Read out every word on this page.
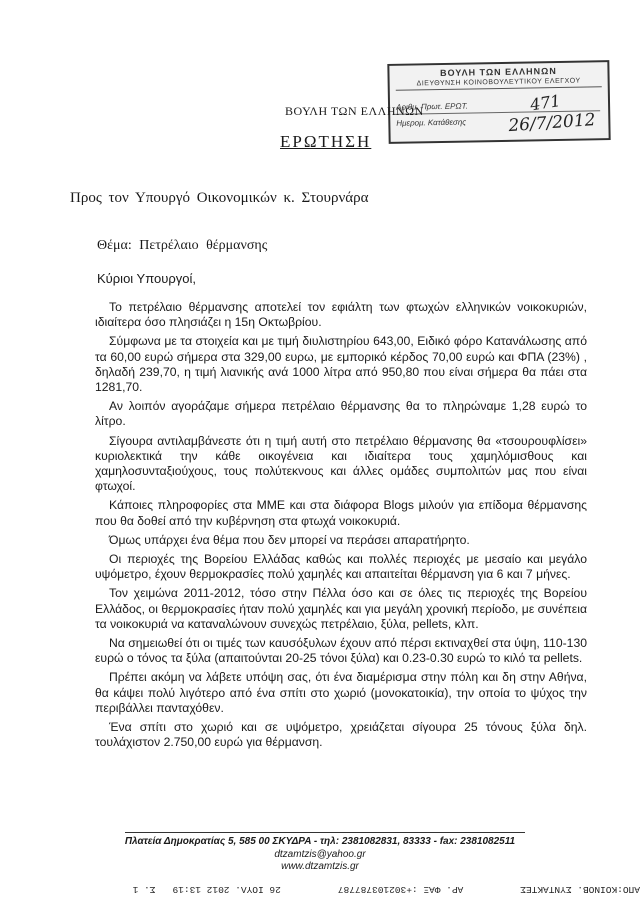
ΒΟΥΛΗ ΤΩΝ ΕΛΛΗΝΩΝ
ΔΙΕΥΘΥΝΣΗ ΚΟΙΝΟΒΟΥΛΕΥΤΙΚΟΥ ΕΛΕΓΧΟΥ
Αριθμ. Πρωτ. ΕΡΩΤ.	471
Ημερομ. Κατάθεσης 26/7/2012
ΒΟΥΛΗ ΤΩΝ ΕΛΛΗΝΩΝ
ΕΡΩΤΗΣΗ
Προς τον Υπουργό Οικονομικών κ. Στουρνάρα
Θέμα: Πετρέλαιο θέρμανσης
Κύριοι Υπουργοί,

Το πετρέλαιο θέρμανσης αποτελεί τον εφιάλτη των φτωχών ελληνικών νοικοκυριών, ιδιαίτερα όσο πλησιάζει η 15η Οκτωβρίου.

Σύμφωνα με τα στοιχεία και με τιμή διυλιστηρίου 643,00, Ειδικό φόρο Κατανάλωσης από τα 60,00 ευρώ σήμερα στα 329,00 ευρω, με εμπορικό κέρδος 70,00 ευρώ και ΦΠΑ (23%) , δηλαδή 239,70, η τιμή λιανικής ανά 1000 λίτρα από 950,80 που είναι σήμερα θα πάει στα 1281,70.

Αν λοιπόν αγοράζαμε σήμερα πετρέλαιο θέρμανσης θα το πληρώναμε 1,28 ευρώ το λίτρο.

Σίγουρα αντιλαμβάνεστε ότι η τιμή αυτή στο πετρέλαιο θέρμανσης θα «τσουρουφλίσει» κυριολεκτικά την κάθε οικογένεια και ιδιαίτερα τους χαμηλόμισθους και χαμηλοσυνταξιούχους, τους πολύτεκνους και άλλες ομάδες συμπολιτών μας που είναι φτωχοί.

Κάποιες πληροφορίες στα ΜΜΕ και στα διάφορα Blogs μιλούν για επίδομα θέρμανσης που θα δοθεί από την κυβέρνηση στα φτωχά νοικοκυριά.

Όμως υπάρχει ένα θέμα που δεν μπορεί να περάσει απαρατήρητο.

Οι περιοχές της Βορείου Ελλάδας καθώς και πολλές περιοχές με μεσαίο και μεγάλο υψόμετρο, έχουν θερμοκρασίες πολύ χαμηλές και απαιτείται θέρμανση για 6 και 7 μήνες.

Τον χειμώνα 2011-2012, τόσο στην Πέλλα όσο και σε όλες τις περιοχές της Βορείου Ελλάδος, οι θερμοκρασίες ήταν πολύ χαμηλές και για μεγάλη χρονική περίοδο, με συνέπεια τα νοικοκυριά να καταναλώνουν συνεχώς πετρέλαιο, ξύλα, pellets, κλπ.

Να σημειωθεί ότι οι τιμές των καυσόξυλων έχουν από πέρσι εκτιναχθεί στα ύψη, 110-130 ευρώ ο τόνος τα ξύλα (απαιτούνται 20-25 τόνοι ξύλα) και 0.23-0.30 ευρώ το κιλό τα pellets.

Πρέπει ακόμη να λάβετε υπόψη σας, ότι ένα διαμέρισμα στην πόλη και δη στην Αθήνα, θα κάψει πολύ λιγότερο από ένα σπίτι στο χωριό (μονοκατοικία), την οποία το ψύχος την περιβάλλει πανταχόθεν.

Ένα σπίτι στο χωριό και σε υψόμετρο, χρειάζεται σίγουρα 25 τόνους ξύλα δηλ. τουλάχιστον 2.750,00 ευρώ για θέρμανση.

Πλατεία Δημοκρατίας 5, 585 00 ΣΚΥΔΡΑ - τηλ: 2381082831, 83333 - fax: 2381082511
dtzamtzis@yahoo.gr
www.dtzamtzis.gr
ΑΠΟ:ΚΟΙΝΟΒ. ΣΥΝΤΑΚΤΕΣ          ΑΡ. ΦΑΞ :+302103787787          26 ΙΟΥΛ. 2012 13:19   Σ. 1
